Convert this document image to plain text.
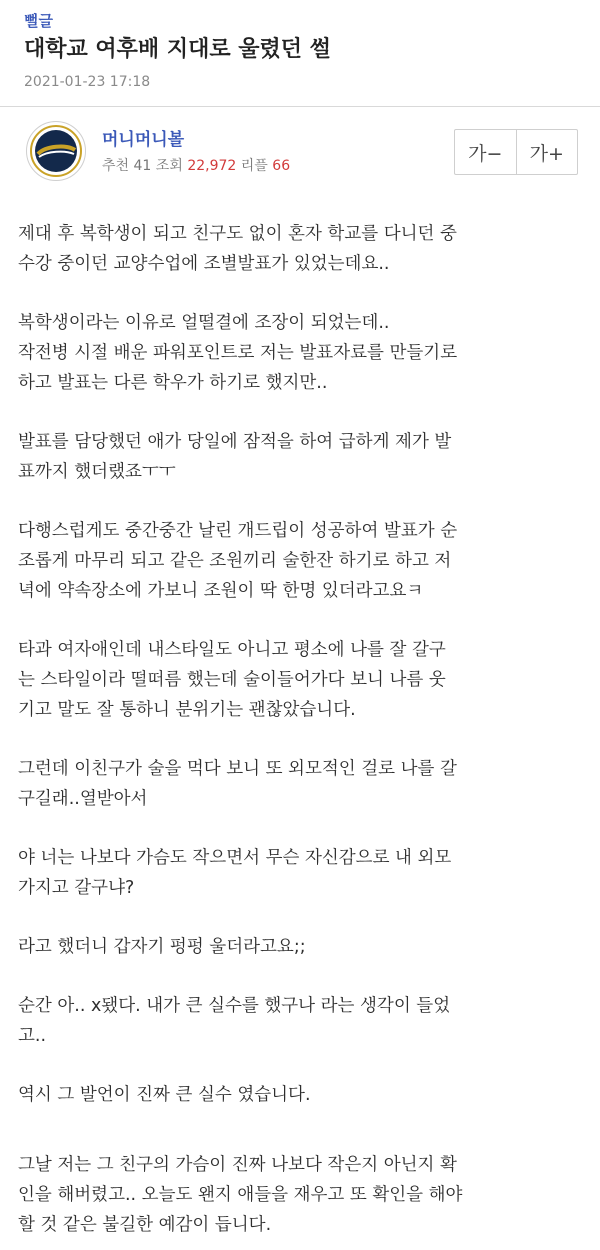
뻘글
대학교 여후배 지대로 울렸던 썰
2021-01-23 17:18
머니머니볼
추천 41 조회 22,972 리플 66
가−	가+

제대 후 복학생이 되고 친구도 없이 혼자 학교를 다니던 중
수강 중이던 교양수업에 조별발표가 있었는데요..

복학생이라는 이유로 얼떨결에 조장이 되었는데..
작전병 시절 배운 파워포인트로 저는 발표자료를 만들기로
하고 발표는 다른 학우가 하기로 했지만..

발표를 담당했던 애가 당일에 잠적을 하여 급하게 제가 발
표까지 했더랬죠ㅜㅜ

다행스럽게도 중간중간 날린 개드립이 성공하여 발표가 순
조롭게 마무리 되고 같은 조원끼리 술한잔 하기로 하고 저
녁에 약속장소에 가보니 조원이 딱 한명 있더라고요ㅋ

타과 여자애인데 내스타일도 아니고 평소에 나를 잘 갈구
는 스타일이라 떨떠름 했는데 술이들어가다 보니 나름 웃
기고 말도 잘 통하니 분위기는 괜찮았습니다.

그런데 이친구가 술을 먹다 보니 또 외모적인 걸로 나를 갈
구길래..열받아서

야 너는 나보다 가슴도 작으면서 무슨 자신감으로 내 외모
가지고 갈구냐?

라고 했더니 갑자기 펑펑 울더라고요;;

순간 아.. x됐다. 내가 큰 실수를 했구나 라는 생각이 들었
고..

역시 그 발언이 진짜 큰 실수 였습니다.

그날 저는 그 친구의 가슴이 진짜 나보다 작은지 아닌지 확
인을 해버렸고.. 오늘도 왠지 애들을 재우고 또 확인을 해야
할 것 같은 불길한 예감이 듭니다.
